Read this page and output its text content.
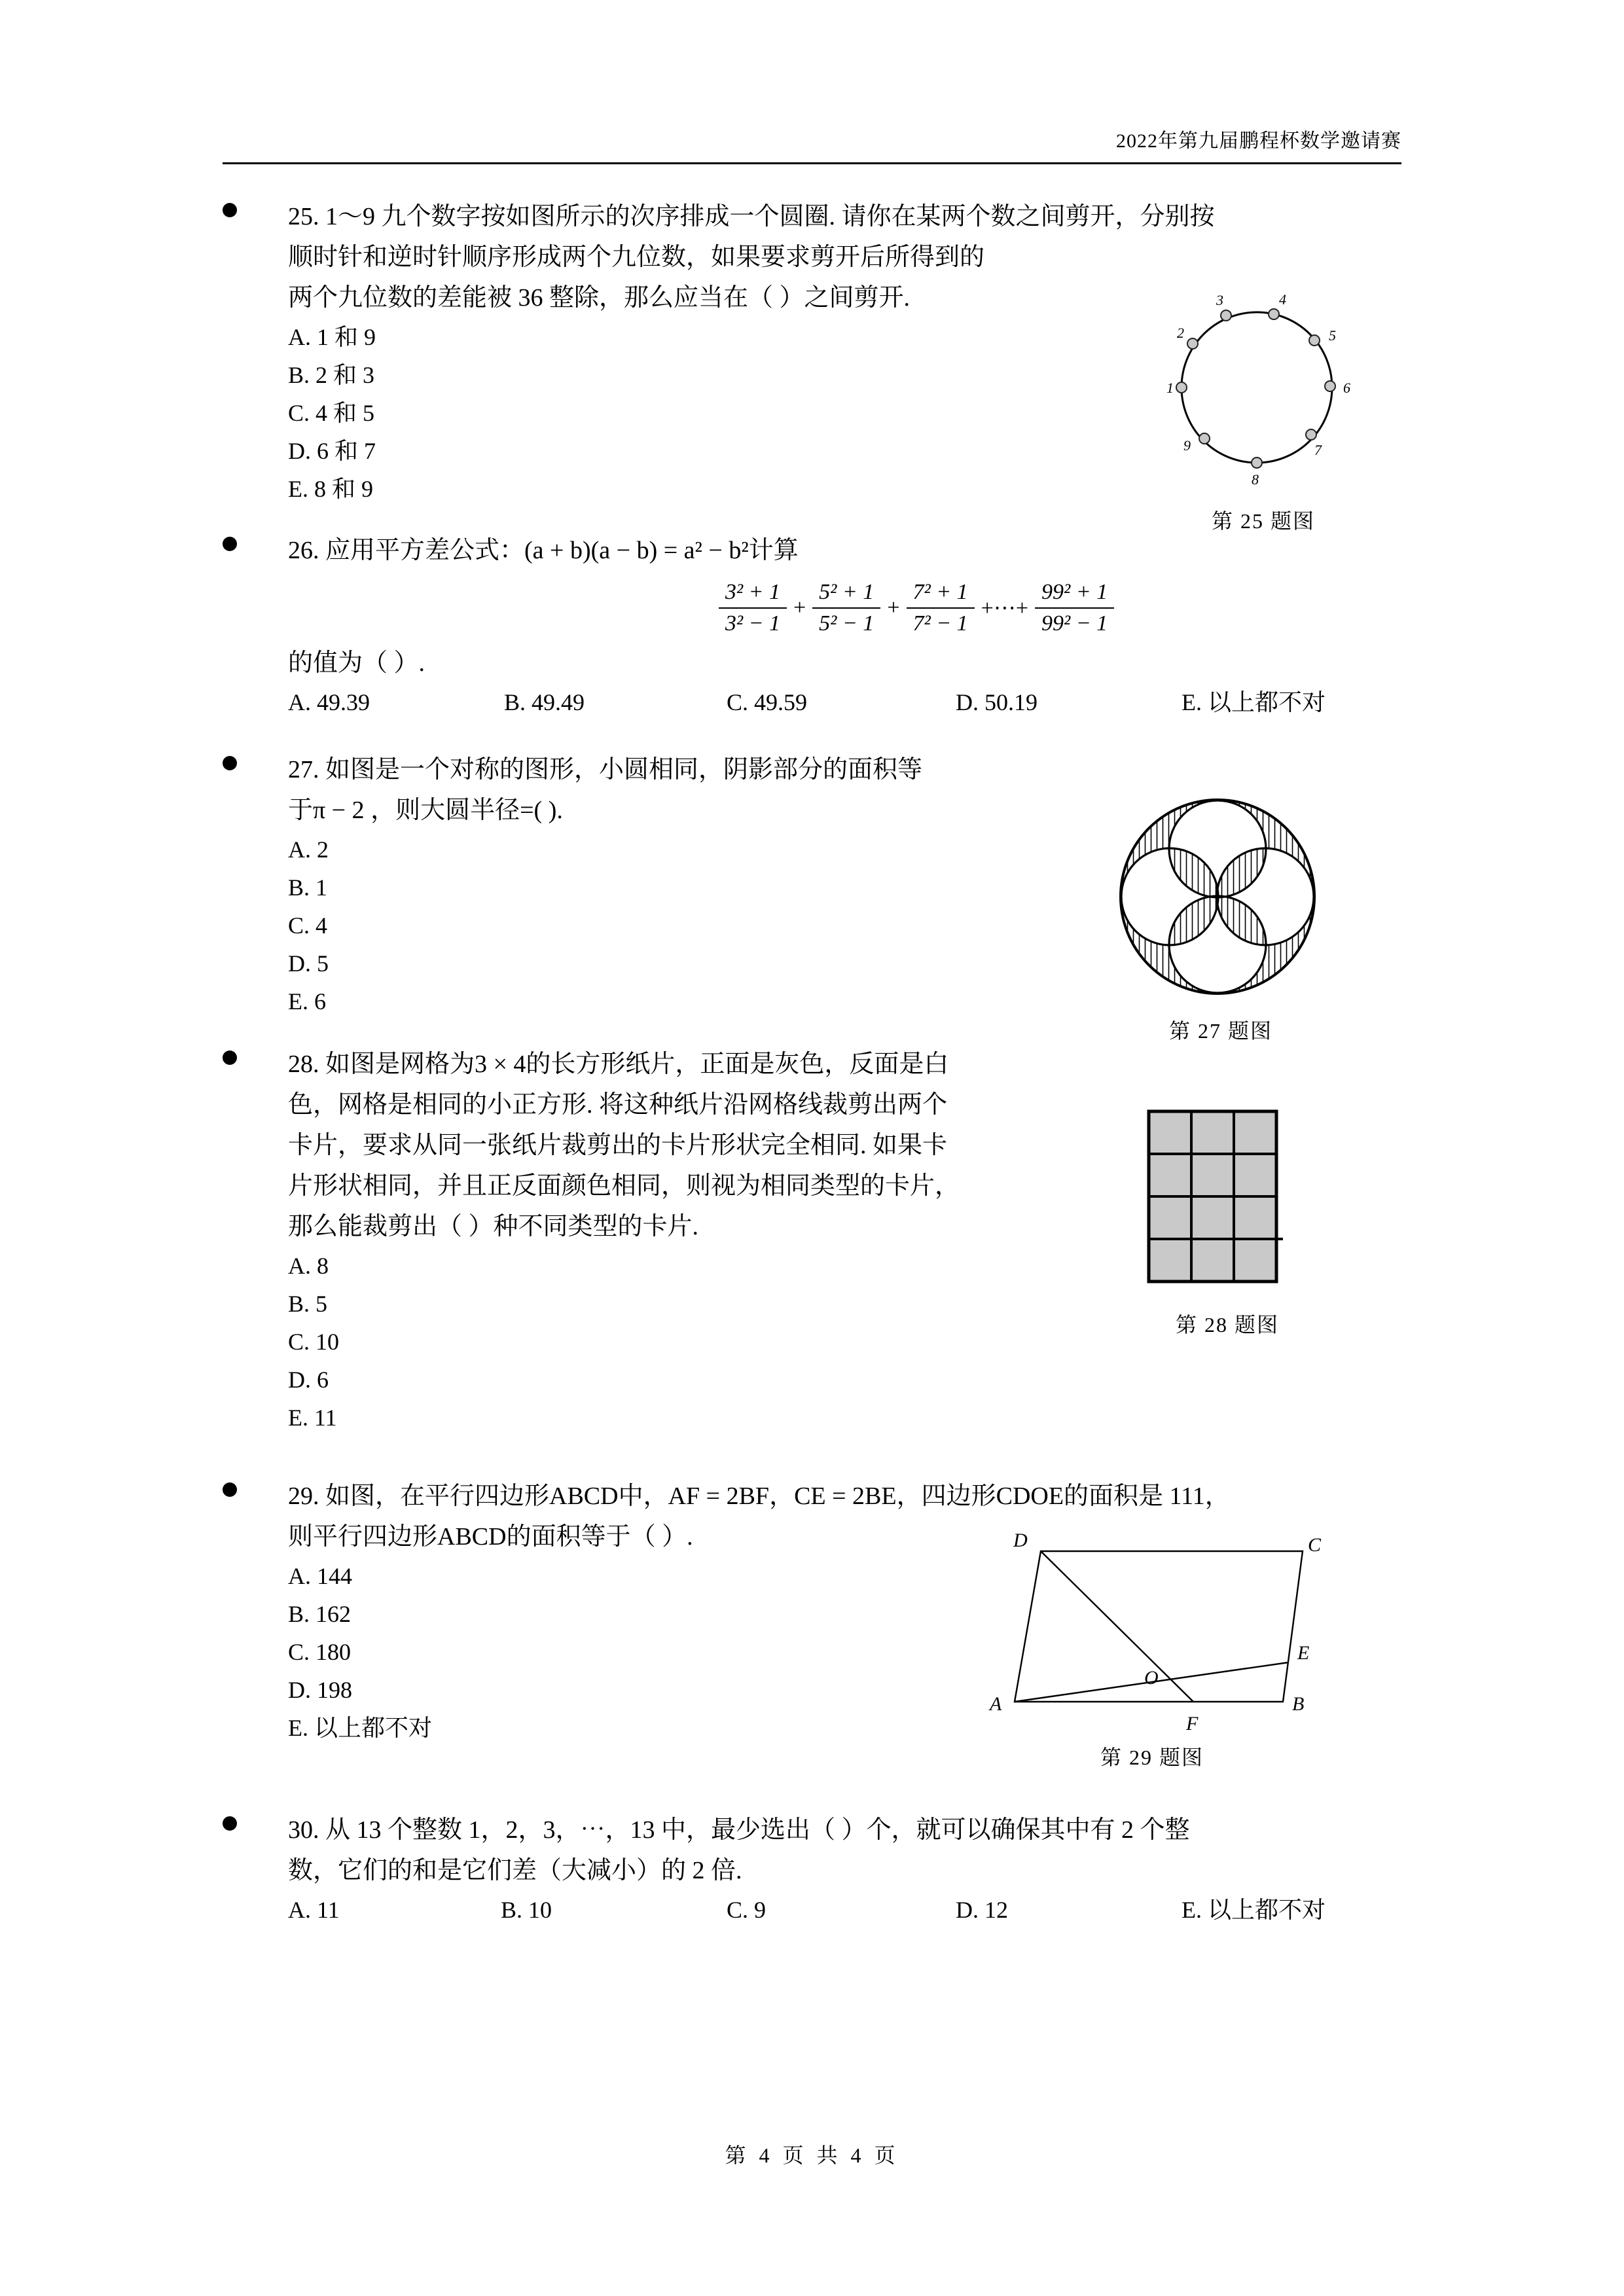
2022年第九届鹏程杯数学邀请赛
25. 1～9 九个数字按如图所示的次序排成一个圆圈. 请你在某两个数之间剪开，分别按
顺时针和逆时针顺序形成两个九位数，如果要求剪开后所得到的
两个九位数的差能被 36 整除，那么应当在（ ）之间剪开.
A. 1 和 9
B. 2 和 3
C. 4 和 5
D. 6 和 7
E. 8 和 9
1
2
3	4
5
6
7
8
9
第 25 题图
26. 应用平方差公式：(a + b)(a − b) = a² − b²计算
$\frac{\text{3² + 1}}{\text{3² − 1}} + \frac{\text{5² + 1}}{\text{5² − 1}} + \frac{\text{7² + 1}}{\text{7² − 1}}$ +⋯+ $\frac{\text{99² + 1}}{\text{99² − 1}}$
的值为（ ）.
A. 49.39	B. 49.49	C. 49.59	D. 50.19	E. 以上都不对
27. 如图是一个对称的图形，小圆相同，阴影部分的面积等
于π − 2 ，则大圆半径=( ).
A. 2
B. 1
C. 4
D. 5
E. 6
第 27 题图
28. 如图是网格为3 × 4的长方形纸片，正面是灰色，反面是白
色，网格是相同的小正方形. 将这种纸片沿网格线裁剪出两个
卡片，要求从同一张纸片裁剪出的卡片形状完全相同. 如果卡
片形状相同，并且正反面颜色相同，则视为相同类型的卡片，
那么能裁剪出（ ）种不同类型的卡片.
A. 8
B. 5
C. 10
D. 6
E. 11
第 28 题图
29. 如图，在平行四边形ABCD中，AF = 2BF，CE = 2BE，四边形CDOE的面积是 111，
则平行四边形ABCD的面积等于（ ）.
A. 144
B. 162
C. 180
D. 198
E. 以上都不对
D	C
A	B
E
F
O
第 29 题图
30. 从 13 个整数 1，2，3，⋯，13 中，最少选出（ ）个，就可以确保其中有 2 个整
数，它们的和是它们差（大减小）的 2 倍.
A. 11	B. 10	C. 9	D. 12	E. 以上都不对
第 4 页 共 4 页
